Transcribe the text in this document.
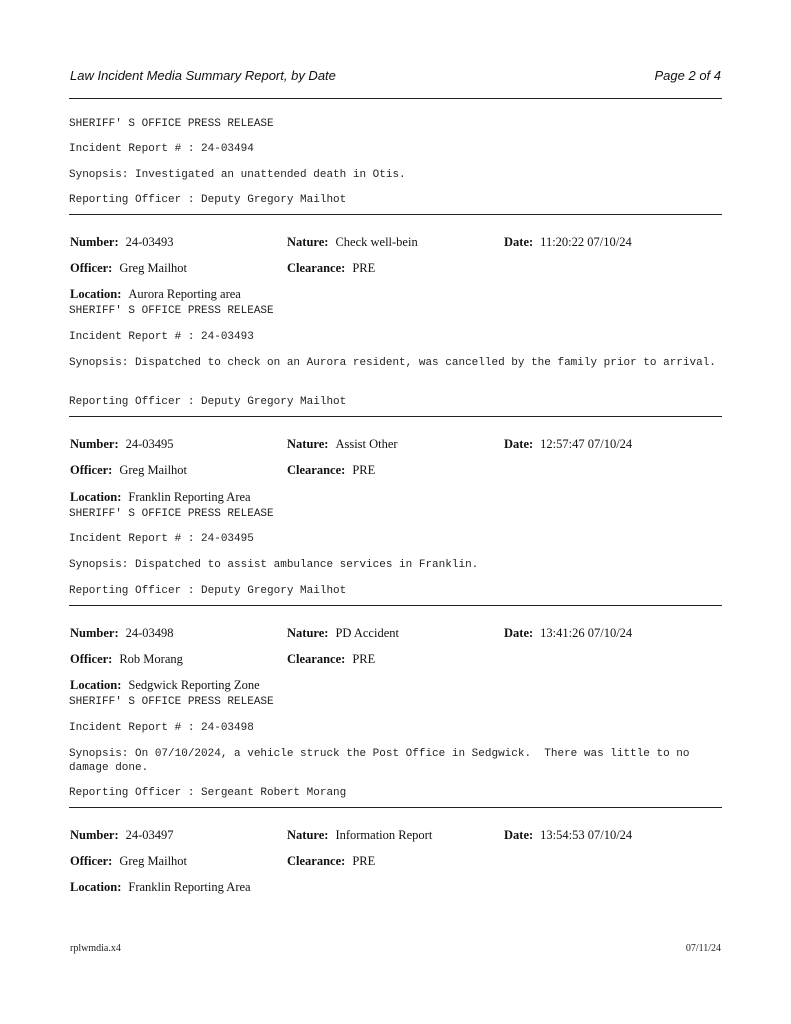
Law Incident Media Summary Report, by Date	Page 2 of 4
SHERIFF' S OFFICE PRESS RELEASE
Incident Report # : 24-03494
Synopsis: Investigated an unattended death in Otis.
Reporting Officer : Deputy Gregory Mailhot
Number: 24-03493	Nature: Check well-bein	Date: 11:20:22 07/10/24
Officer: Greg Mailhot	Clearance: PRE
Location: Aurora Reporting area
SHERIFF' S OFFICE PRESS RELEASE
Incident Report # : 24-03493
Synopsis: Dispatched to check on an Aurora resident, was cancelled by the family prior to arrival.
Reporting Officer : Deputy Gregory Mailhot
Number: 24-03495	Nature: Assist Other	Date: 12:57:47 07/10/24
Officer: Greg Mailhot	Clearance: PRE
Location: Franklin Reporting Area
SHERIFF' S OFFICE PRESS RELEASE
Incident Report # : 24-03495
Synopsis: Dispatched to assist ambulance services in Franklin.
Reporting Officer : Deputy Gregory Mailhot
Number: 24-03498	Nature: PD Accident	Date: 13:41:26 07/10/24
Officer: Rob Morang	Clearance: PRE
Location: Sedgwick Reporting Zone
SHERIFF' S OFFICE PRESS RELEASE
Incident Report # : 24-03498
Synopsis: On 07/10/2024, a vehicle struck the Post Office in Sedgwick.  There was little to no damage done.
Reporting Officer : Sergeant Robert Morang
Number: 24-03497	Nature: Information Report	Date: 13:54:53 07/10/24
Officer: Greg Mailhot	Clearance: PRE
Location: Franklin Reporting Area
rplwmdia.x4	07/11/24
